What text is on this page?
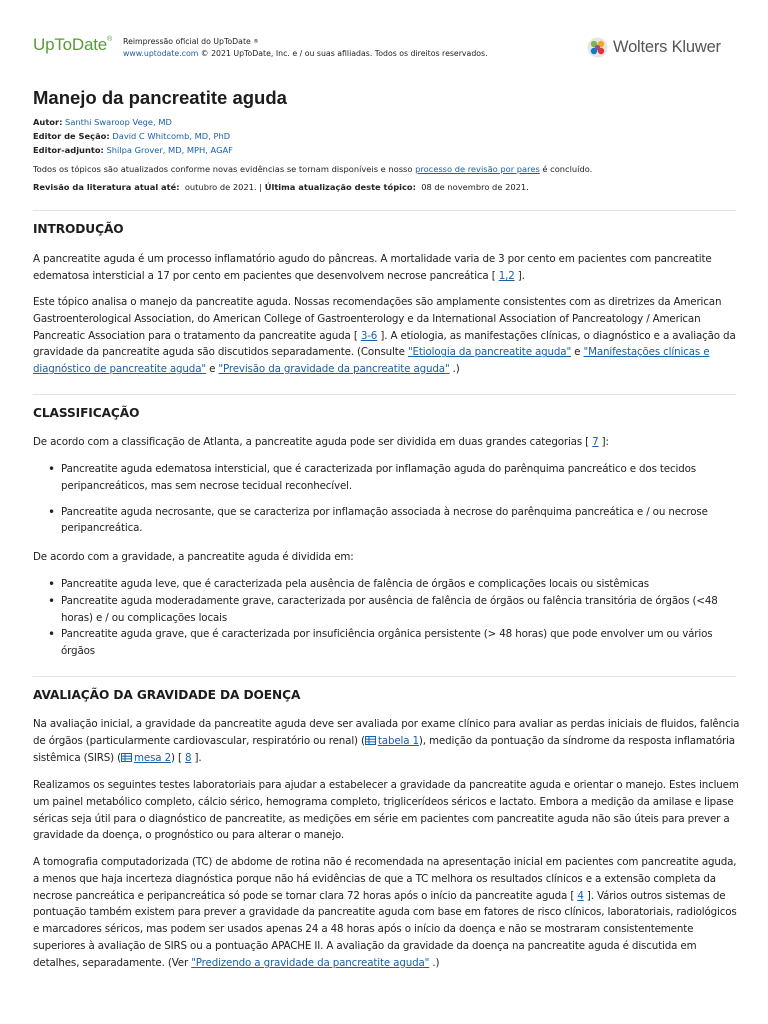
UpToDate® Reimpressão oficial do UpToDate ®
www.uptodate.com © 2021 UpToDate, Inc. e / ou suas afiliadas. Todos os direitos reservados.	Wolters Kluwer
Manejo da pancreatite aguda
Autor: Santhi Swaroop Vege, MD
Editor de Seção: David C Whitcomb, MD, PhD
Editor-adjunto: Shilpa Grover, MD, MPH, AGAF
Todos os tópicos são atualizados conforme novas evidências se tornam disponíveis e nosso processo de revisão por pares é concluído.
Revisão da literatura atual até: outubro de 2021. | Última atualização deste tópico: 08 de novembro de 2021.
INTRODUÇÃO

A pancreatite aguda é um processo inflamatório agudo do pâncreas. A mortalidade varia de 3 por cento em pacientes com pancreatite edematosa intersticial a 17 por cento em pacientes que desenvolvem necrose pancreática [ 1,2 ].

Este tópico analisa o manejo da pancreatite aguda. Nossas recomendações são amplamente consistentes com as diretrizes da American Gastroenterological Association, do American College of Gastroenterology e da International Association of Pancreatology / American Pancreatic Association para o tratamento da pancreatite aguda [ 3-6 ]. A etiologia, as manifestações clínicas, o diagnóstico e a avaliação da gravidade da pancreatite aguda são discutidos separadamente. (Consulte "Etiologia da pancreatite aguda" e "Manifestações clínicas e diagnóstico de pancreatite aguda" e "Previsão da gravidade da pancreatite aguda" .)

CLASSIFICAÇÃO

De acordo com a classificação de Atlanta, a pancreatite aguda pode ser dividida em duas grandes categorias [ 7 ]:

• Pancreatite aguda edematosa intersticial, que é caracterizada por inflamação aguda do parênquima pancreático e dos tecidos peripancreáticos, mas sem necrose tecidual reconhecível.
• Pancreatite aguda necrosante, que se caracteriza por inflamação associada à necrose do parênquima pancreática e / ou necrose peripancreática.

De acordo com a gravidade, a pancreatite aguda é dividida em:

• Pancreatite aguda leve, que é caracterizada pela ausência de falência de órgãos e complicações locais ou sistêmicas
• Pancreatite aguda moderadamente grave, caracterizada por ausência de falência de órgãos ou falência transitória de órgãos (<48 horas) e / ou complicações locais
• Pancreatite aguda grave, que é caracterizada por insuficiência orgânica persistente (> 48 horas) que pode envolver um ou vários órgãos
AVALIAÇÃO DA GRAVIDADE DA DOENÇA

Na avaliação inicial, a gravidade da pancreatite aguda deve ser avaliada por exame clínico para avaliar as perdas iniciais de fluidos, falência de órgãos (particularmente cardiovascular, respiratório ou renal) ( tabela 1), medição da pontuação da síndrome da resposta inflamatória sistêmica (SIRS) ( mesa 2) [ 8 ].

Realizamos os seguintes testes laboratoriais para ajudar a estabelecer a gravidade da pancreatite aguda e orientar o manejo. Estes incluem um painel metabólico completo, cálcio sérico, hemograma completo, triglicerídeos séricos e lactato. Embora a medição da amilase e lipase séricas seja útil para o diagnóstico de pancreatite, as medições em série em pacientes com pancreatite aguda não são úteis para prever a gravidade da doença, o prognóstico ou para alterar o manejo.

A tomografia computadorizada (TC) de abdome de rotina não é recomendada na apresentação inicial em pacientes com pancreatite aguda, a menos que haja incerteza diagnóstica porque não há evidências de que a TC melhora os resultados clínicos e a extensão completa da necrose pancreática e peripancreática só pode se tornar clara 72 horas após o início da pancreatite aguda [ 4 ]. Vários outros sistemas de pontuação também existem para prever a gravidade da pancreatite aguda com base em fatores de risco clínicos, laboratoriais, radiológicos e marcadores séricos, mas podem ser usados apenas 24 a 48 horas após o início da doença e não se mostraram consistentemente superiores à avaliação de SIRS ou a pontuação APACHE II. A avaliação da gravidade da doença na pancreatite aguda é discutida em detalhes, separadamente. (Ver "Predizendo a gravidade da pancreatite aguda" .)
